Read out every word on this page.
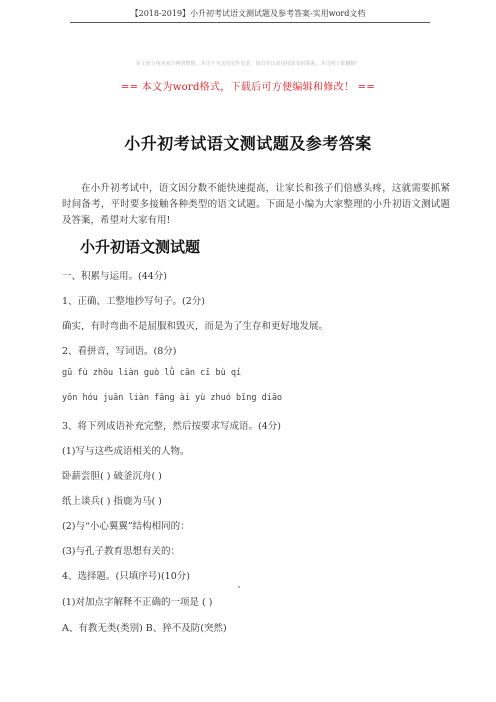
【2018-2019】小升初考试语文测试题及参考答案-实用word文档
本文部分内容来自网络整理，本司不为其真实性负责，如有异议或侵权请及时联系，本司将立即删除！
== 本文为word格式，下载后可方便编辑和修改！ ==
小升初考试语文测试题及参考答案
在小升初考试中，语文因分数不能快速提高，让家长和孩子们倍感头疼，这就需要抓紧时间备考，平时要多接触各种类型的语文试题。下面是小编为大家整理的小升初语文测试题及答案，希望对大家有用!
小升初语文测试题
一、积累与运用。(44分)
1、正确、工整地抄写句子。(2分)
确实，有时弯曲不是屈服和毁灭，而是为了生存和更好地发展。
2、看拼音，写词语。(8分)
gū fù zhōu liàn guò lǜ cān cī bù qí
yōn hóu juān liàn fāng ài yù zhuó bīng diāo
3、将下列成语补充完整，然后按要求写成语。(4分)
(1)写与这些成语相关的人物。
卧薪尝胆( ) 破釜沉舟( )
纸上谈兵( ) 指鹿为马( )
(2)与“小心翼翼”结构相同的：
(3)与孔子教育思想有关的：
4、选择题。(只填序号)(10分)
(1)对加点字解释不正确的一项是 ( )
A、有教无类(类别) B、猝不及防(突然)
